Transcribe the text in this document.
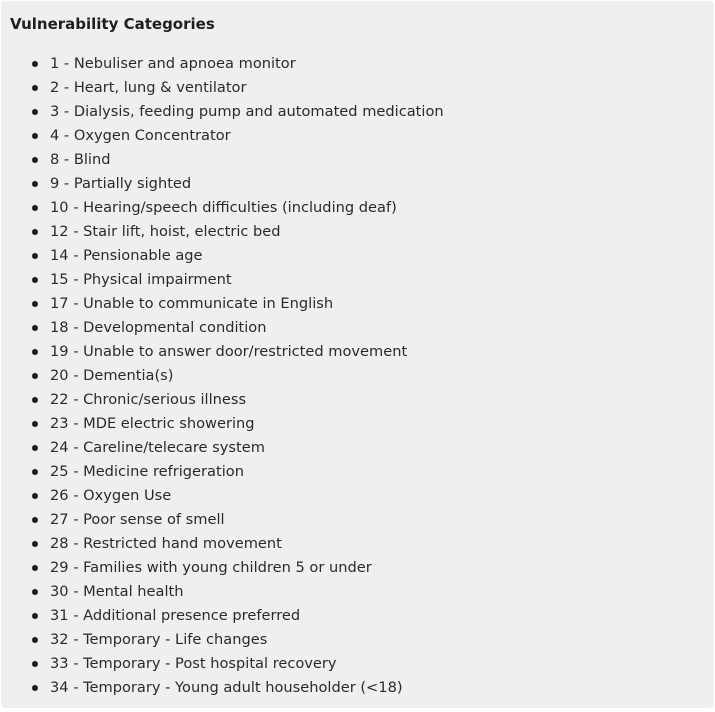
Vulnerability Categories
1 - Nebuliser and apnoea monitor
2 - Heart, lung & ventilator
3 - Dialysis, feeding pump and automated medication
4 - Oxygen Concentrator
8 - Blind
9 - Partially sighted
10 - Hearing/speech difficulties (including deaf)
12 - Stair lift, hoist, electric bed
14 - Pensionable age
15 - Physical impairment
17 - Unable to communicate in English
18 - Developmental condition
19 - Unable to answer door/restricted movement
20 - Dementia(s)
22 - Chronic/serious illness
23 - MDE electric showering
24 - Careline/telecare system
25 - Medicine refrigeration
26 - Oxygen Use
27 - Poor sense of smell
28 - Restricted hand movement
29 - Families with young children 5 or under
30 - Mental health
31 - Additional presence preferred
32 - Temporary - Life changes
33 - Temporary - Post hospital recovery
34 - Temporary - Young adult householder (<18)
